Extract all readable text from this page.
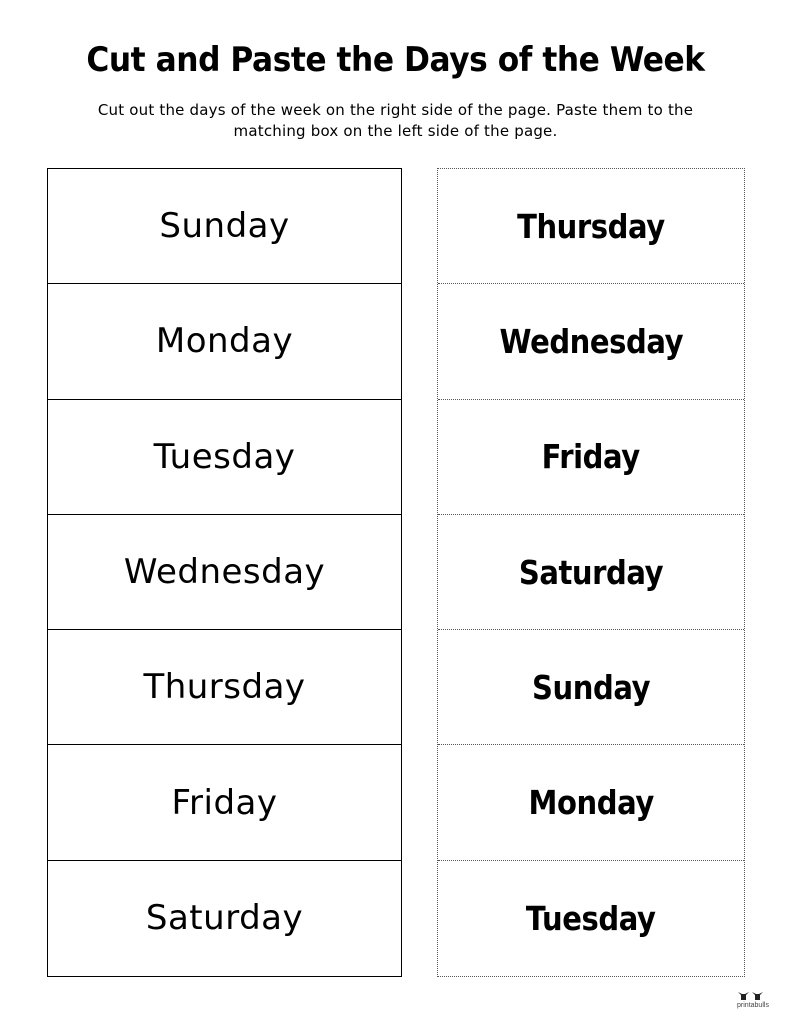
Cut and Paste the Days of the Week
Cut out the days of the week on the right side of the page. Paste them to the matching box on the left side of the page.
Sunday
Monday
Tuesday
Wednesday
Thursday
Friday
Saturday
Thursday
Wednesday
Friday
Saturday
Sunday
Monday
Tuesday
printabulls
